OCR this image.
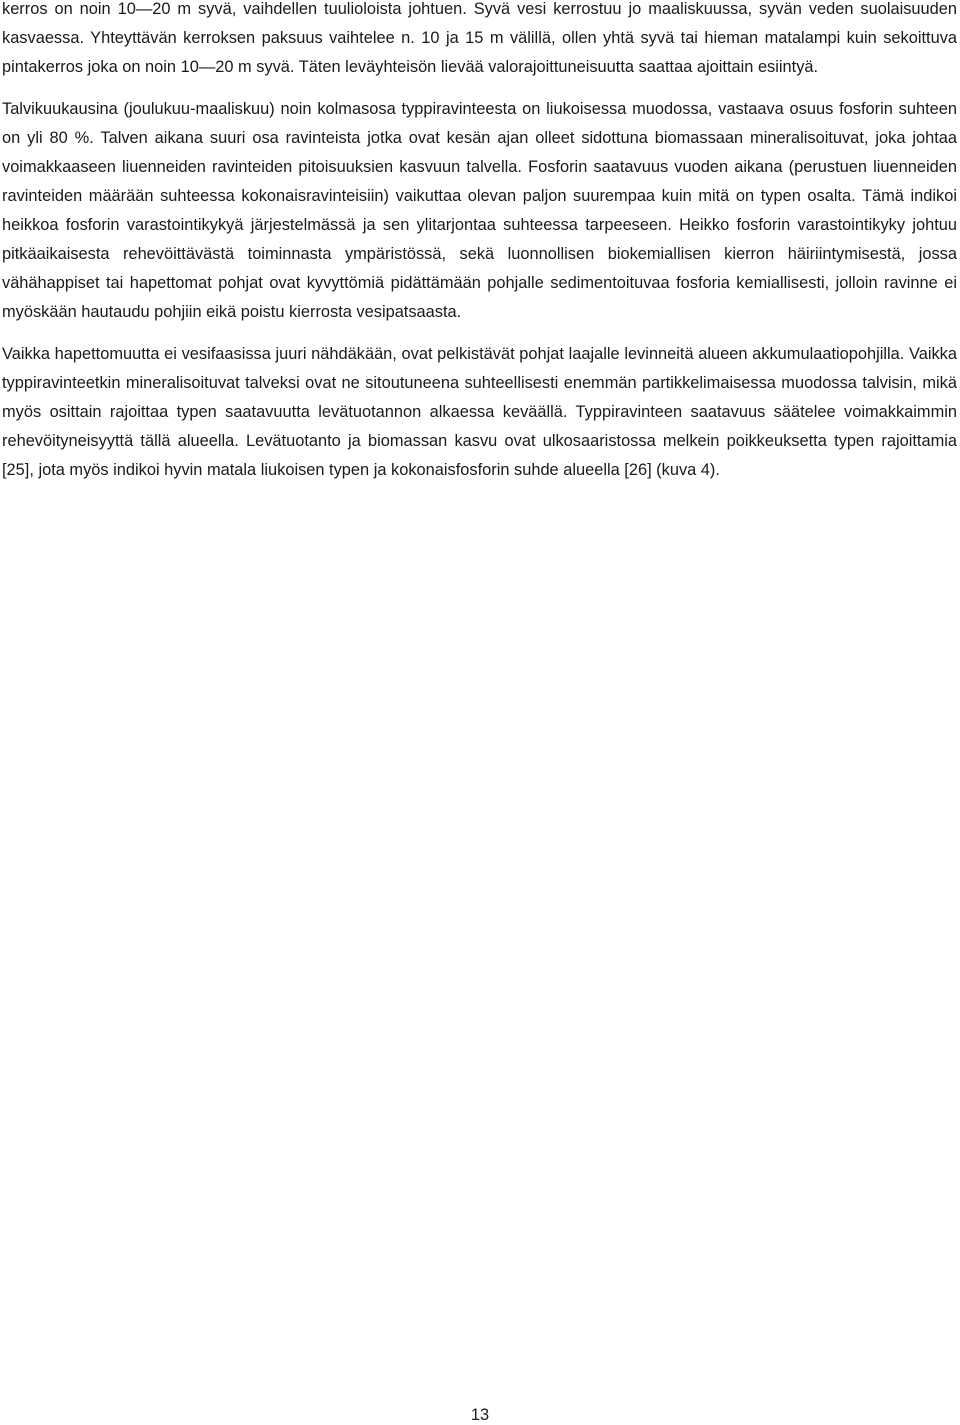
kerros on noin 10—20 m syvä, vaihdellen tuulioloista johtuen. Syvä vesi kerrostuu jo maaliskuussa, syvän veden suolaisuuden kasvaessa. Yhteyttävän kerroksen paksuus vaihtelee n. 10 ja 15 m välillä, ollen yhtä syvä tai hieman matalampi kuin sekoittuva pintakerros joka on noin 10—20 m syvä. Täten leväyhteisön lievää valorajoittuneisuutta saattaa ajoittain esiintyä.

Talvikuukausina (joulukuu-maaliskuu) noin kolmasosa typpiravinteesta on liukoisessa muodossa, vastaava osuus fosforin suhteen on yli 80 %. Talven aikana suuri osa ravinteista jotka ovat kesän ajan olleet sidottuna biomassaan mineralisoituvat, joka johtaa voimakkaaseen liuenneiden ravinteiden pitoisuuksien kasvuun talvella. Fosforin saatavuus vuoden aikana (perustuen liuenneiden ravinteiden määrään suhteessa kokonaisravinteisiin) vaikuttaa olevan paljon suurempaa kuin mitä on typen osalta. Tämä indikoi heikkoa fosforin varastointikykyä järjestelmässä ja sen ylitarjontaa suhteessa tarpeeseen. Heikko fosforin varastointikyky johtuu pitkäaikaisesta rehevöittävästä toiminnasta ympäristössä, sekä luonnollisen biokemiallisen kierron häiriintymisestä, jossa vähähappiset tai hapettomat pohjat ovat kyvyttömiä pidättämään pohjalle sedimentoituvaa fosforia kemiallisesti, jolloin ravinne ei myöskään hautaudu pohjiin eikä poistu kierrosta vesipatsaasta.

Vaikka hapettomuutta ei vesifaasissa juuri nähdäkään, ovat pelkistävät pohjat laajalle levinneitä alueen akkumulaatiopohjilla. Vaikka typpiravinteetkin mineralisoituvat talveksi ovat ne sitoutuneena suhteellisesti enemmän partikkelimaisessa muodossa talvisin, mikä myös osittain rajoittaa typen saatavuutta levätuotannon alkaessa keväällä. Typpiravinteen saatavuus säätelee voimakkaimmin rehevöityneisyyttä tällä alueella. Levätuotanto ja biomassan kasvu ovat ulkosaaristossa melkein poikkeuksetta typen rajoittamia [25], jota myös indikoi hyvin matala liukoisen typen ja kokonaisfosforin suhde alueella [26] (kuva 4).

13
